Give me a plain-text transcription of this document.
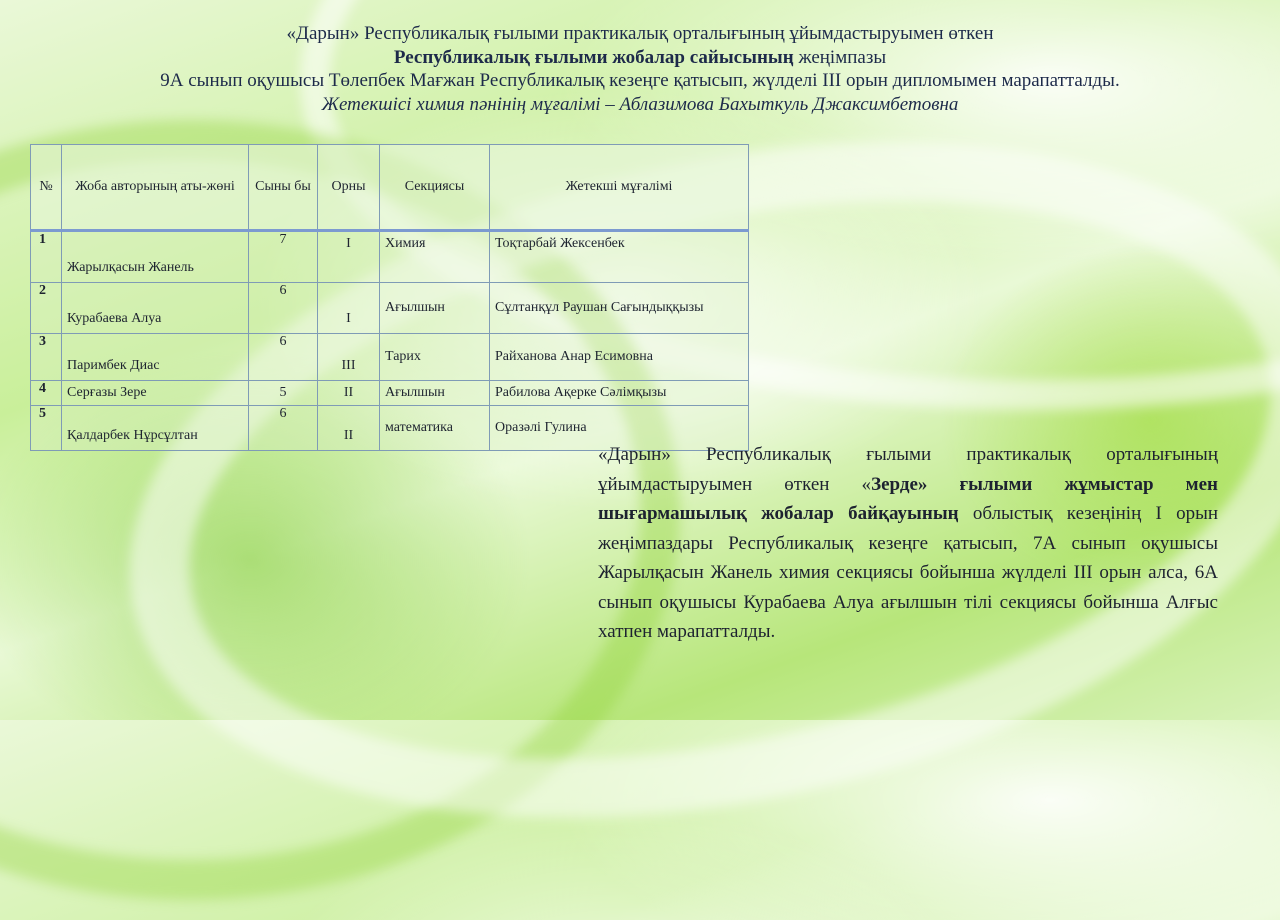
«Дарын» Республикалық ғылыми практикалық орталығының ұйымдастыруымен өткен
Республикалық ғылыми жобалар сайысының жеңімпазы
9А сынып оқушысы Төлепбек Мағжан Республикалық кезеңге қатысып, жүлделі III орын дипломымен марапатталды.
Жетекшісі химия пәнінің мұғалімі – Аблазимова Бахыткуль Джаксимбетовна
№	Жоба авторының аты-жөні	Сыны бы	Орны	Секциясы	Жетекші мұғалімі
1	Жарылқасын Жанель	7	I	Химия	Тоқтарбай Жексенбек
2	Курабаева Алуа	6	I	Ағылшын	Сұлтанқұл Раушан Сағындыққызы
3	Паримбек Диас	6	III	Тарих	Райханова Анар Есимовна
4	Серғазы Зере	5	II	Ағылшын	Рабилова Ақерке Сәлімқызы
5	Қалдарбек Нұрсұлтан	6	II	математика	Оразәлі Гулина
«Дарын» Республикалық ғылыми практикалық орталығының ұйымдастыруымен өткен «Зерде» ғылыми жұмыстар мен шығармашылық жобалар байқауының облыстық кезеңінің I орын жеңімпаздары Республикалық кезеңге қатысып, 7А сынып оқушысы Жарылқасын Жанель химия секциясы бойынша жүлделі III орын алса, 6А сынып оқушысы Курабаева Алуа ағылшын тілі секциясы бойынша Алғыс хатпен марапатталды.
